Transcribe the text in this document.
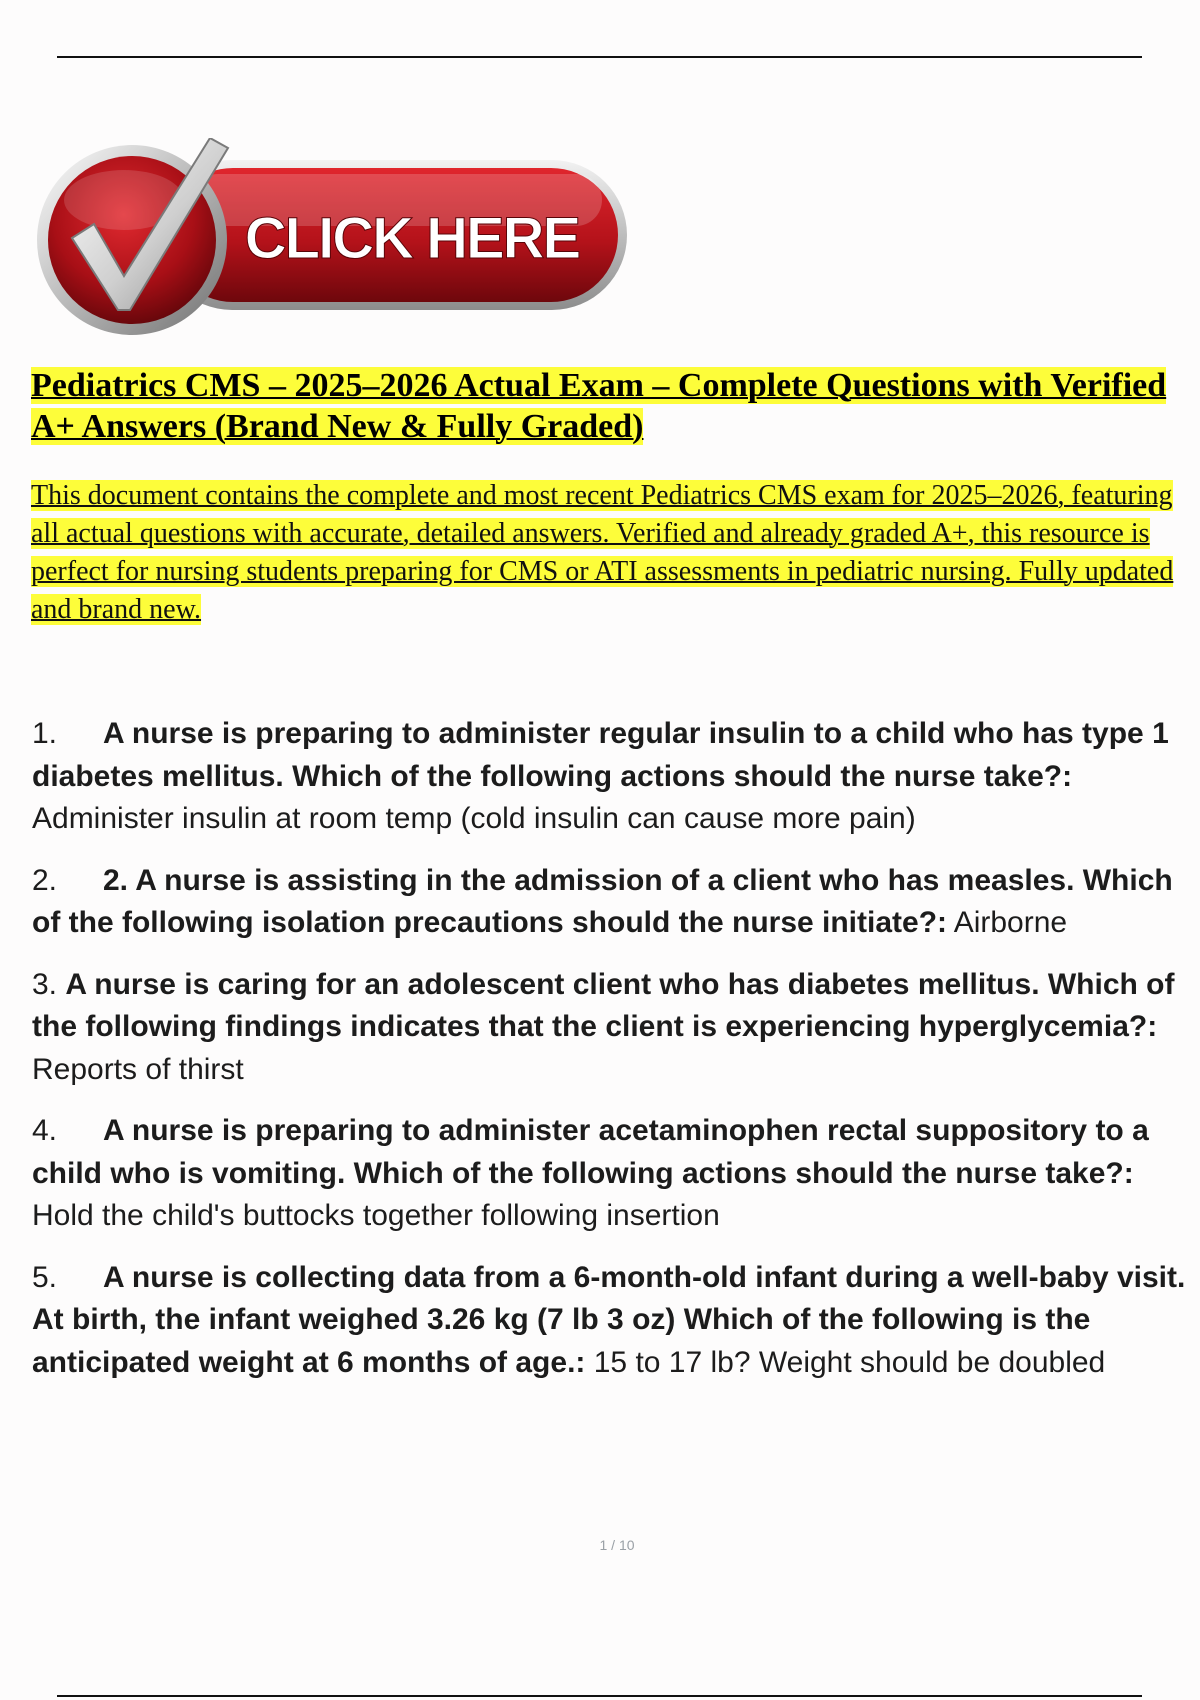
CLICK HERE
Pediatrics CMS – 2025–2026 Actual Exam – Complete Questions with Verified A+ Answers (Brand New & Fully Graded)
This document contains the complete and most recent Pediatrics CMS exam for 2025–2026, featuring all actual questions with accurate, detailed answers. Verified and already graded A+, this resource is perfect for nursing students preparing for CMS or ATI assessments in pediatric nursing. Fully updated and brand new.

1. A nurse is preparing to administer regular insulin to a child who has type 1 diabetes mellitus. Which of the following actions should the nurse take?: Administer insulin at room temp (cold insulin can cause more pain)

2. 2. A nurse is assisting in the admission of a client who has measles. Which of the following isolation precautions should the nurse initiate?: Airborne

3. A nurse is caring for an adolescent client who has diabetes mellitus. Which of the following findings indicates that the client is experiencing hyperglycemia?: Reports of thirst

4. A nurse is preparing to administer acetaminophen rectal suppository to a child who is vomiting. Which of the following actions should the nurse take?: Hold the child's buttocks together following insertion

5. A nurse is collecting data from a 6-month-old infant during a well-baby visit. At birth, the infant weighed 3.26 kg (7 lb 3 oz) Which of the following is the anticipated weight at 6 months of age.: 15 to 17 lb? Weight should be doubled

1 / 10
